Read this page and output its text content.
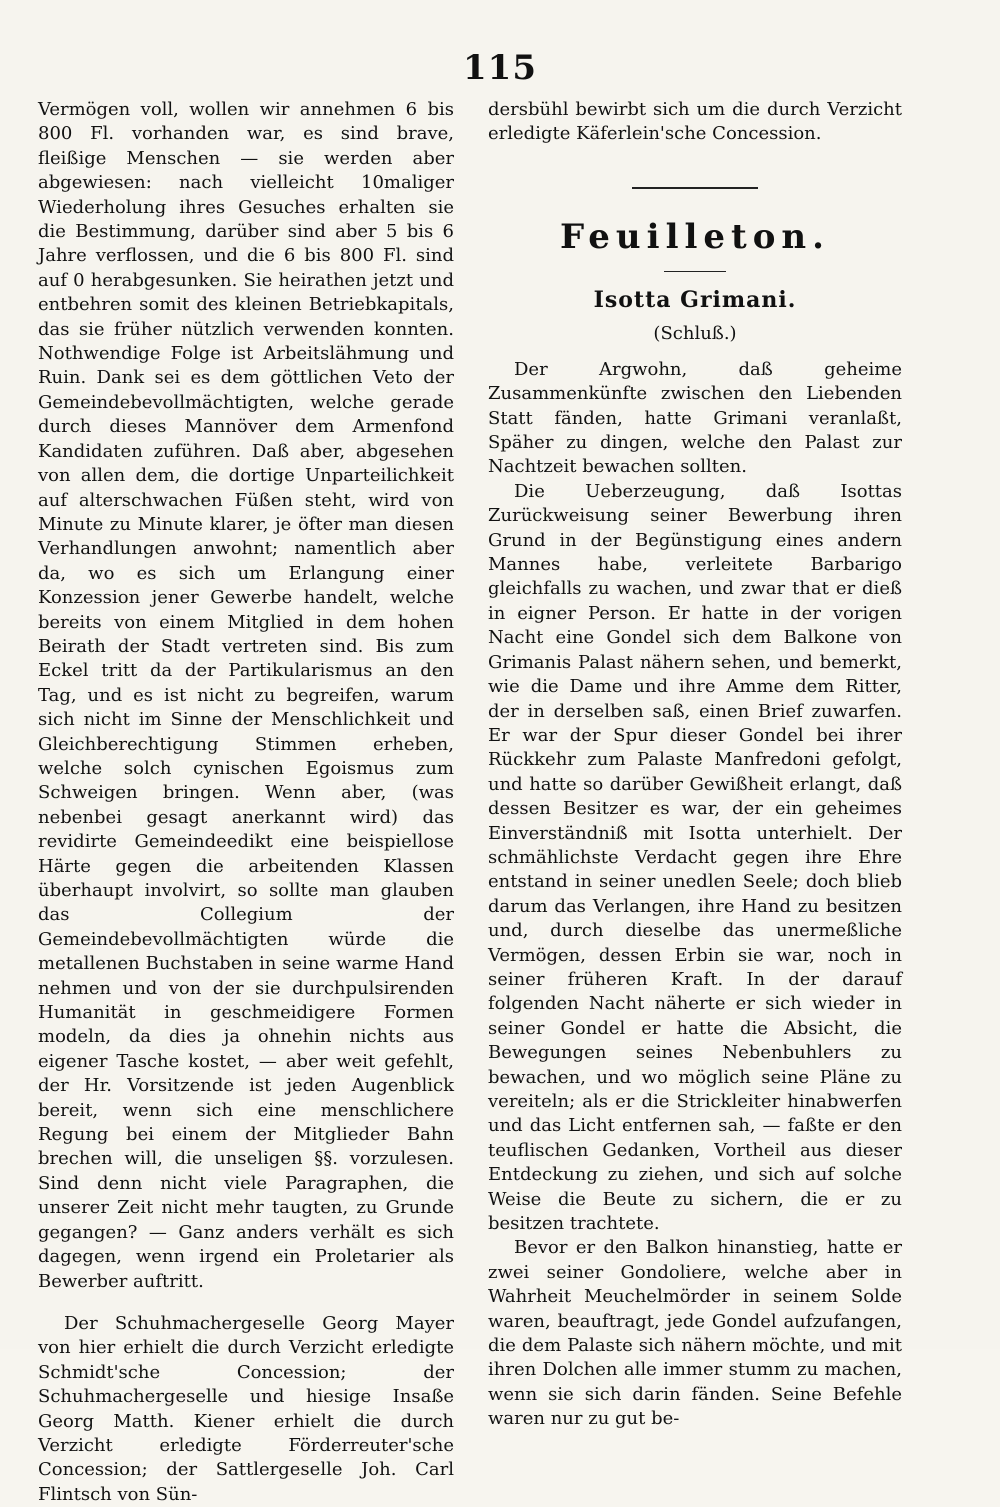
115

Vermögen voll, wollen wir annehmen 6 bis 800 Fl. vorhanden war, es sind brave, fleißige Menschen — sie werden aber abgewiesen: nach vielleicht 10maliger Wiederholung ihres Gesuches erhalten sie die Bestimmung, darüber sind aber 5 bis 6 Jahre verflossen, und die 6 bis 800 Fl. sind auf 0 herabgesunken. Sie heirathen jetzt und entbehren somit des kleinen Betriebkapitals, das sie früher nützlich verwenden konnten. Nothwendige Folge ist Arbeitslähmung und Ruin. Dank sei es dem göttlichen Veto der Gemeindebevollmächtigten, welche gerade durch dieses Mannöver dem Armenfond Kandidaten zuführen. Daß aber, abgesehen von allen dem, die dortige Unparteilichkeit auf alterschwachen Füßen steht, wird von Minute zu Minute klarer, je öfter man diesen Verhandlungen anwohnt; namentlich aber da, wo es sich um Erlangung einer Konzession jener Gewerbe handelt, welche bereits von einem Mitglied in dem hohen Beirath der Stadt vertreten sind. Bis zum Eckel tritt da der Partikularismus an den Tag, und es ist nicht zu begreifen, warum sich nicht im Sinne der Menschlichkeit und Gleichberechtigung Stimmen erheben, welche solch cynischen Egoismus zum Schweigen bringen. Wenn aber, (was nebenbei gesagt anerkannt wird) das revidirte Gemeindeedikt eine beispiellose Härte gegen die arbeitenden Klassen überhaupt involvirt, so sollte man glauben das Collegium der Gemeindebevollmächtigten würde die metallenen Buchstaben in seine warme Hand nehmen und von der sie durchpulsirenden Humanität in geschmeidigere Formen modeln, da dies ja ohnehin nichts aus eigener Tasche kostet, — aber weit gefehlt, der Hr. Vorsitzende ist jeden Augenblick bereit, wenn sich eine menschlichere Regung bei einem der Mitglieder Bahn brechen will, die unseligen §§. vorzulesen. Sind denn nicht viele Paragraphen, die unserer Zeit nicht mehr taugten, zu Grunde gegangen? — Ganz anders verhält es sich dagegen, wenn irgend ein Proletarier als Bewerber auftritt.

Der Schuhmachergeselle Georg Mayer von hier erhielt die durch Verzicht erledigte Schmidt'sche Concession; der Schuhmachergeselle und hiesige Insaße Georg Matth. Kiener erhielt die durch Verzicht erledigte Förderreuter'sche Concession; der Sattlergeselle Joh. Carl Flintsch von Sün-

dersbühl bewirbt sich um die durch Verzicht erledigte Käferlein'sche Concession.

Feuilleton.
Isotta Grimani.
(Schluß.)

Der Argwohn, daß geheime Zusammenkünfte zwischen den Liebenden Statt fänden, hatte Grimani veranlaßt, Späher zu dingen, welche den Palast zur Nachtzeit bewachen sollten.

Die Ueberzeugung, daß Isottas Zurückweisung seiner Bewerbung ihren Grund in der Begünstigung eines andern Mannes habe, verleitete Barbarigo gleichfalls zu wachen, und zwar that er dieß in eigner Person. Er hatte in der vorigen Nacht eine Gondel sich dem Balkone von Grimanis Palast nähern sehen, und bemerkt, wie die Dame und ihre Amme dem Ritter, der in derselben saß, einen Brief zuwarfen. Er war der Spur dieser Gondel bei ihrer Rückkehr zum Palaste Manfredoni gefolgt, und hatte so darüber Gewißheit erlangt, daß dessen Besitzer es war, der ein geheimes Einverständniß mit Isotta unterhielt. Der schmählichste Verdacht gegen ihre Ehre entstand in seiner unedlen Seele; doch blieb darum das Verlangen, ihre Hand zu besitzen und, durch dieselbe das unermeßliche Vermögen, dessen Erbin sie war, noch in seiner früheren Kraft. In der darauf folgenden Nacht näherte er sich wieder in seiner Gondel er hatte die Absicht, die Bewegungen seines Nebenbuhlers zu bewachen, und wo möglich seine Pläne zu vereiteln; als er die Strickleiter hinabwerfen und das Licht entfernen sah, — faßte er den teuflischen Gedanken, Vortheil aus dieser Entdeckung zu ziehen, und sich auf solche Weise die Beute zu sichern, die er zu besitzen trachtete.

Bevor er den Balkon hinanstieg, hatte er zwei seiner Gondoliere, welche aber in Wahrheit Meuchelmörder in seinem Solde waren, beauftragt, jede Gondel aufzufangen, die dem Palaste sich nähern möchte, und mit ihren Dolchen alle immer stumm zu machen, wenn sie sich darin fänden. Seine Befehle waren nur zu gut be-
